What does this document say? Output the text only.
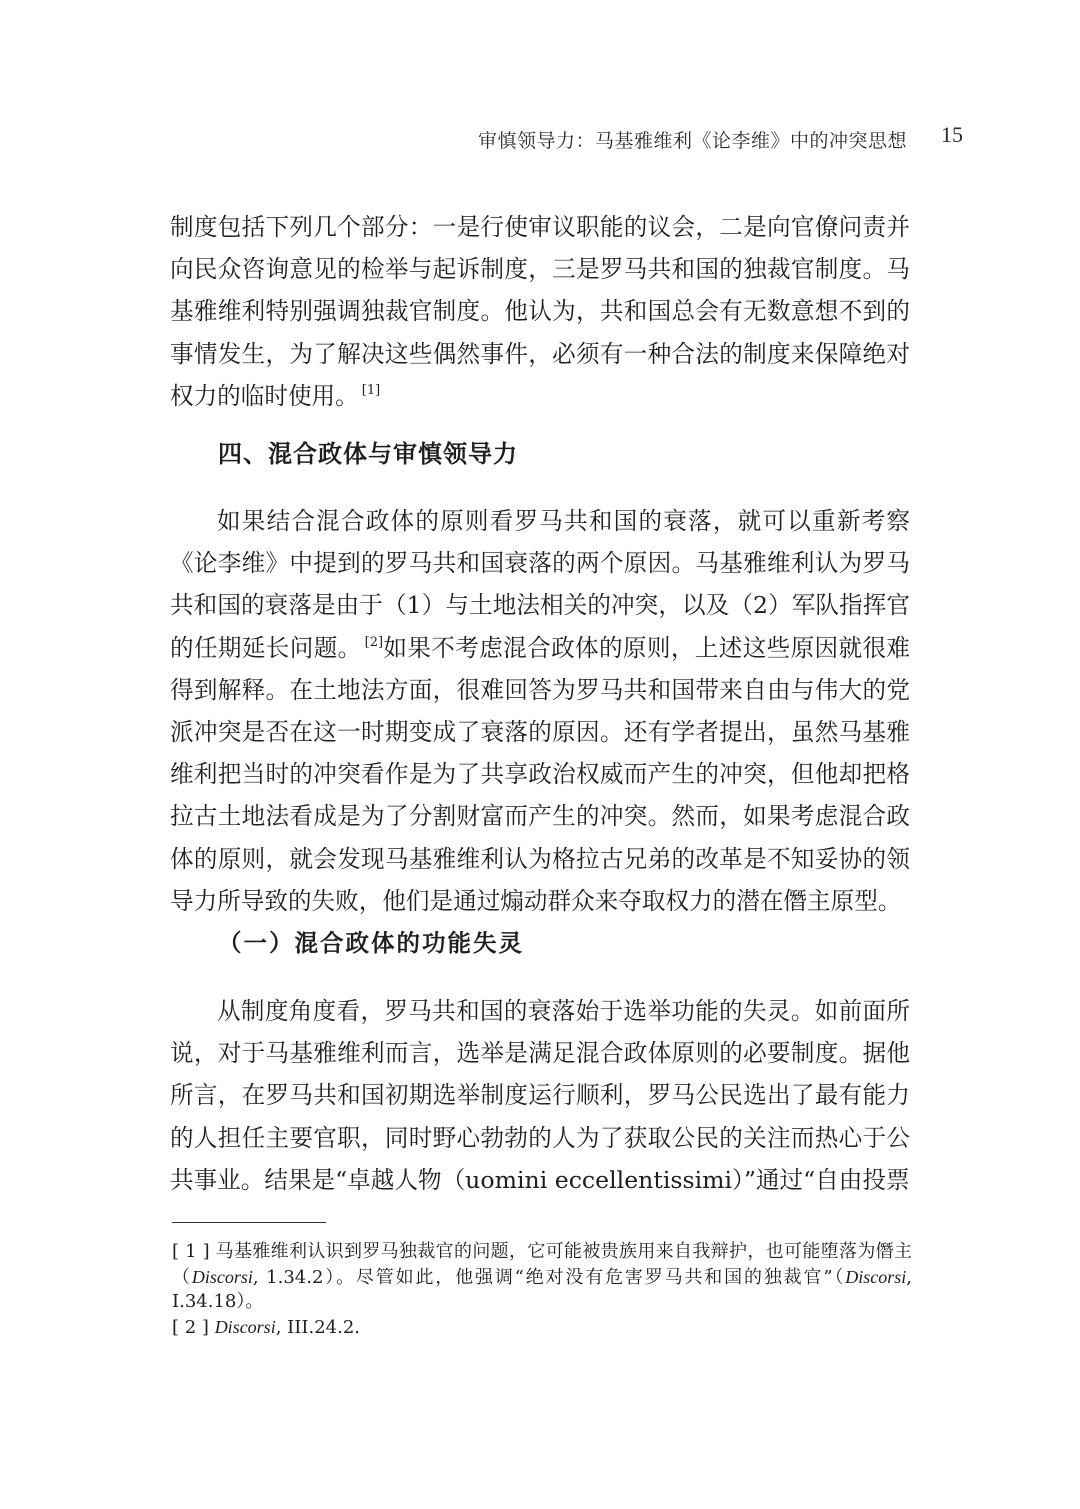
审慎领导力：马基雅维利《论李维》中的冲突思想 15

制度包括下列几个部分：一是行使审议职能的议会，二是向官僚问责并向民众咨询意见的检举与起诉制度，三是罗马共和国的独裁官制度。马基雅维利特别强调独裁官制度。他认为，共和国总会有无数意想不到的事情发生，为了解决这些偶然事件，必须有一种合法的制度来保障绝对权力的临时使用。 [1]

四、混合政体与审慎领导力

如果结合混合政体的原则看罗马共和国的衰落，就可以重新考察《论李维》中提到的罗马共和国衰落的两个原因。马基雅维利认为罗马共和国的衰落是由于（1）与土地法相关的冲突，以及（2）军队指挥官的任期延长问题。 [2]如果不考虑混合政体的原则，上述这些原因就很难得到解释。在土地法方面，很难回答为罗马共和国带来自由与伟大的党派冲突是否在这一时期变成了衰落的原因。还有学者提出，虽然马基雅维利把当时的冲突看作是为了共享政治权威而产生的冲突，但他却把格拉古土地法看成是为了分割财富而产生的冲突。然而，如果考虑混合政体的原则，就会发现马基雅维利认为格拉古兄弟的改革是不知妥协的领导力所导致的失败，他们是通过煽动群众来夺取权力的潜在僭主原型。

（一）混合政体的功能失灵

从制度角度看，罗马共和国的衰落始于选举功能的失灵。如前面所说，对于马基雅维利而言，选举是满足混合政体原则的必要制度。据他所言，在罗马共和国初期选举制度运行顺利，罗马公民选出了最有能力的人担任主要官职，同时野心勃勃的人为了获取公民的关注而热心于公共事业。结果是“卓越人物（uomini eccellentissimi）”通过“自由投票

[ 1 ] 马基雅维利认识到罗马独裁官的问题，它可能被贵族用来自我辩护，也可能堕落为僭主（Discorsi, 1.34.2）。尽管如此，他强调“绝对没有危害罗马共和国的独裁官”（Discorsi, I.34.18）。

[ 2 ] Discorsi, III.24.2.
